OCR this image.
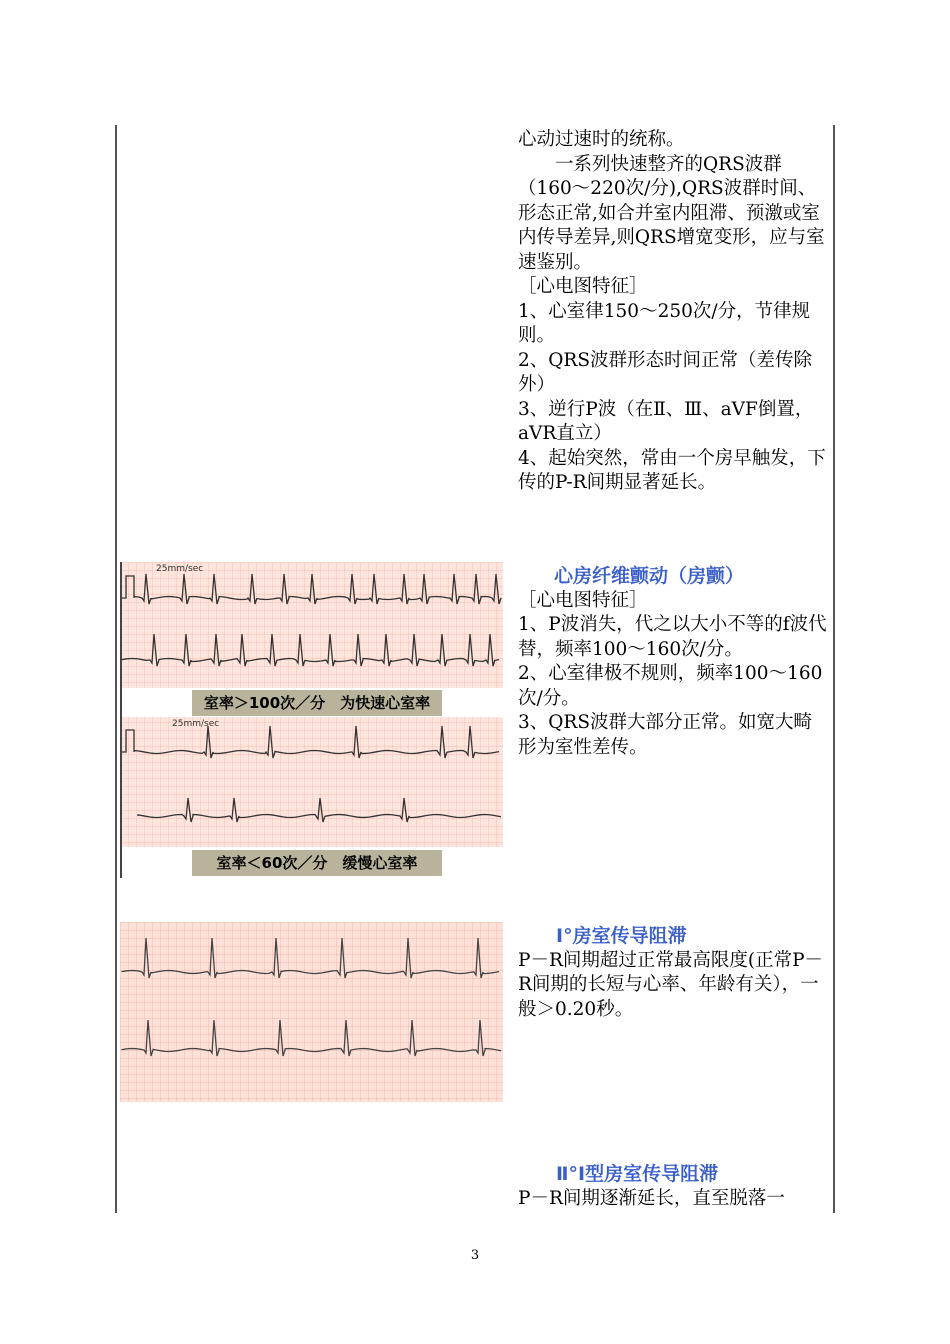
心动过速时的统称。

一系列快速整齐的QRS波群（160～220次/分),QRS波群时间、形态正常,如合并室内阻滞、预激或室内传导差异,则QRS增宽变形，应与室速鉴别。

［心电图特征］

1、心室律150～250次/分，节律规则。

2、QRS波群形态时间正常（差传除外）

3、逆行P波（在Ⅱ、Ⅲ、aVF倒置，aVR直立）

4、起始突然，常由一个房早触发，下传的P-R间期显著延长。

25mm/sec
25mm/sec
室率＞100次／分　为快速心室率
室率＜60次／分　缓慢心室率

心房纤维颤动（房颤）

［心电图特征］

1、P波消失，代之以大小不等的f波代替，频率100～160次/分。

2、心室律极不规则，频率100～160次/分。

3、QRS波群大部分正常。如宽大畸形为室性差传。

Ⅰ°房室传导阻滞

P－R间期超过正常最高限度(正常P－R间期的长短与心率、年龄有关），一般＞0.20秒。

Ⅱ°Ⅰ型房室传导阻滞

P－R间期逐渐延长，直至脱落一

3
